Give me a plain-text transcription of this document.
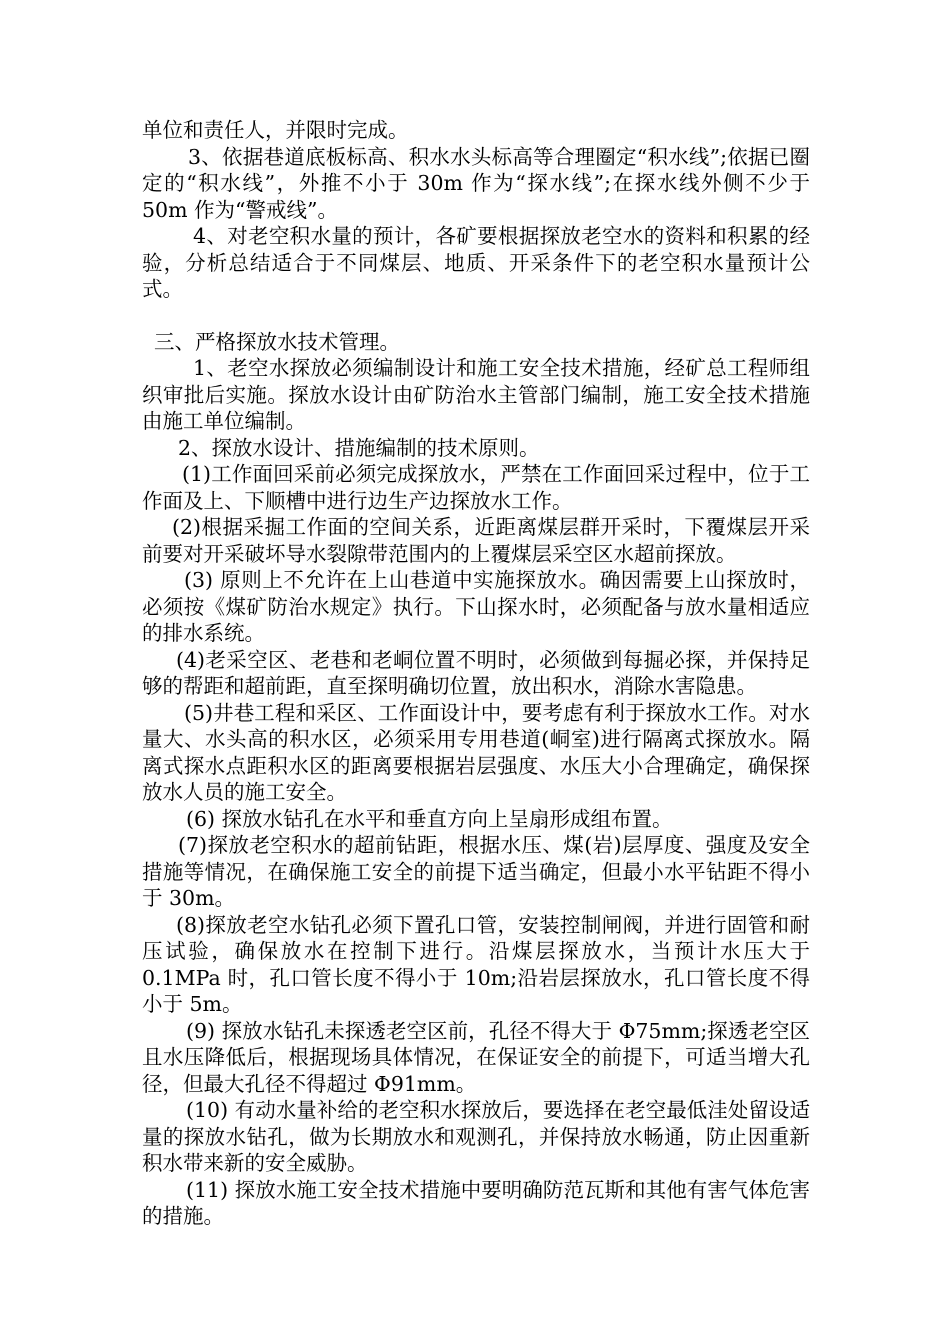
单位和责任人，并限时完成。

3、依据巷道底板标高、积水水头标高等合理圈定“积水线”;依据已圈定的“积水线”，外推不小于 30m 作为“探水线”;在探水线外侧不少于 50m 作为“警戒线”。

4、对老空积水量的预计，各矿要根据探放老空水的资料和积累的经验，分析总结适合于不同煤层、地质、开采条件下的老空积水量预计公式。

三、严格探放水技术管理。

1、老空水探放必须编制设计和施工安全技术措施，经矿总工程师组织审批后实施。探放水设计由矿防治水主管部门编制，施工安全技术措施由施工单位编制。

2、探放水设计、措施编制的技术原则。

(1)工作面回采前必须完成探放水，严禁在工作面回采过程中，位于工作面及上、下顺槽中进行边生产边探放水工作。

(2)根据采掘工作面的空间关系，近距离煤层群开采时，下覆煤层开采前要对开采破坏导水裂隙带范围内的上覆煤层采空区水超前探放。

(3) 原则上不允许在上山巷道中实施探放水。确因需要上山探放时，必须按《煤矿防治水规定》执行。下山探水时，必须配备与放水量相适应的排水系统。

(4)老采空区、老巷和老峒位置不明时，必须做到每掘必探，并保持足够的帮距和超前距，直至探明确切位置，放出积水，消除水害隐患。

(5)井巷工程和采区、工作面设计中，要考虑有利于探放水工作。对水量大、水头高的积水区，必须采用专用巷道(峒室)进行隔离式探放水。隔离式探水点距积水区的距离要根据岩层强度、水压大小合理确定，确保探放水人员的施工安全。

(6) 探放水钻孔在水平和垂直方向上呈扇形成组布置。

(7)探放老空积水的超前钻距，根据水压、煤(岩)层厚度、强度及安全措施等情况，在确保施工安全的前提下适当确定，但最小水平钻距不得小于 30m。

(8)探放老空水钻孔必须下置孔口管，安装控制闸阀，并进行固管和耐压试验，确保放水在控制下进行。沿煤层探放水，当预计水压大于 0.1MPa 时，孔口管长度不得小于 10m;沿岩层探放水，孔口管长度不得小于 5m。

(9) 探放水钻孔未探透老空区前，孔径不得大于 Φ75mm;探透老空区且水压降低后，根据现场具体情况，在保证安全的前提下，可适当增大孔径，但最大孔径不得超过 Φ91mm。

(10) 有动水量补给的老空积水探放后，要选择在老空最低洼处留设适量的探放水钻孔，做为长期放水和观测孔，并保持放水畅通，防止因重新积水带来新的安全威胁。

(11) 探放水施工安全技术措施中要明确防范瓦斯和其他有害气体危害的措施。
